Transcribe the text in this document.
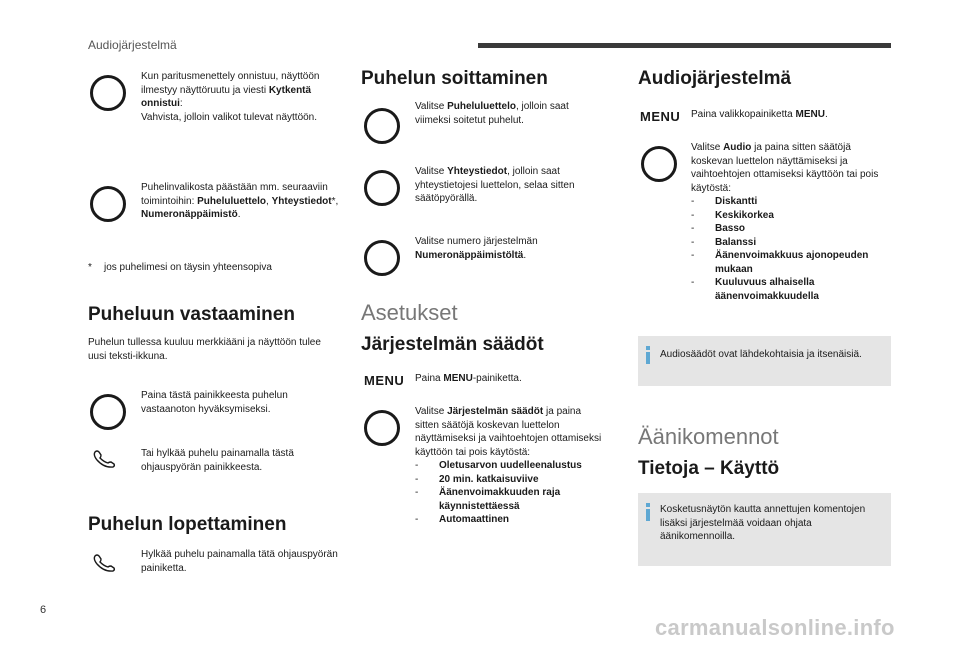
Audiojärjestelmä
Kun paritusmenettely onnistuu, näyttöön ilmestyy näyttöruutu ja viesti Kytkentä onnistui:
Vahvista, jolloin valikot tulevat näyttöön.
Puhelinvalikosta päästään mm. seuraaviin toimintoihin: Puheluluettelo, Yhteystiedot*, Numeronäppäimistö.
* jos puhelimesi on täysin yhteensopiva
Puheluun vastaaminen
Puhelun tullessa kuuluu merkkiääni ja näyttöön tulee uusi teksti-ikkuna.
Paina tästä painikkeesta puhelun vastaanoton hyväksymiseksi.
Tai hylkää puhelu painamalla tästä ohjauspyörän painikkeesta.
Puhelun lopettaminen
Hylkää puhelu painamalla tätä ohjauspyörän painiketta.
Puhelun soittaminen
Valitse Puheluluettelo, jolloin saat viimeksi soitetut puhelut.
Valitse Yhteystiedot, jolloin saat yhteystietojesi luettelon, selaa sitten säätöpyörällä.
Valitse numero järjestelmän Numeronäppäimistöltä.
Asetukset
Järjestelmän säädöt
MENU Paina MENU-painiketta.
Valitse Järjestelmän säädöt ja paina sitten säätöjä koskevan luettelon näyttämiseksi ja vaihtoehtojen ottamiseksi käyttöön tai pois käytöstä:
- Oletusarvon uudelleenalustus
- 20 min. katkaisuviive
- Äänenvoimakkuuden raja käynnistettäessä
- Automaattinen
Audiojärjestelmä
MENU Paina valikkopainiketta MENU.
Valitse Audio ja paina sitten säätöjä koskevan luettelon näyttämiseksi ja vaihtoehtojen ottamiseksi käyttöön tai pois käytöstä:
- Diskantti
- Keskikorkea
- Basso
- Balanssi
- Äänenvoimakkuus ajonopeuden mukaan
- Kuuluvuus alhaisella äänenvoimakkuudella
Audiosäädöt ovat lähdekohtaisia ja itsenäisiä.
Äänikomennot
Tietoja – Käyttö
Kosketusnäytön kautta annettujen komentojen lisäksi järjestelmää voidaan ohjata äänikomennoilla.
6
carmanualsonline.info
